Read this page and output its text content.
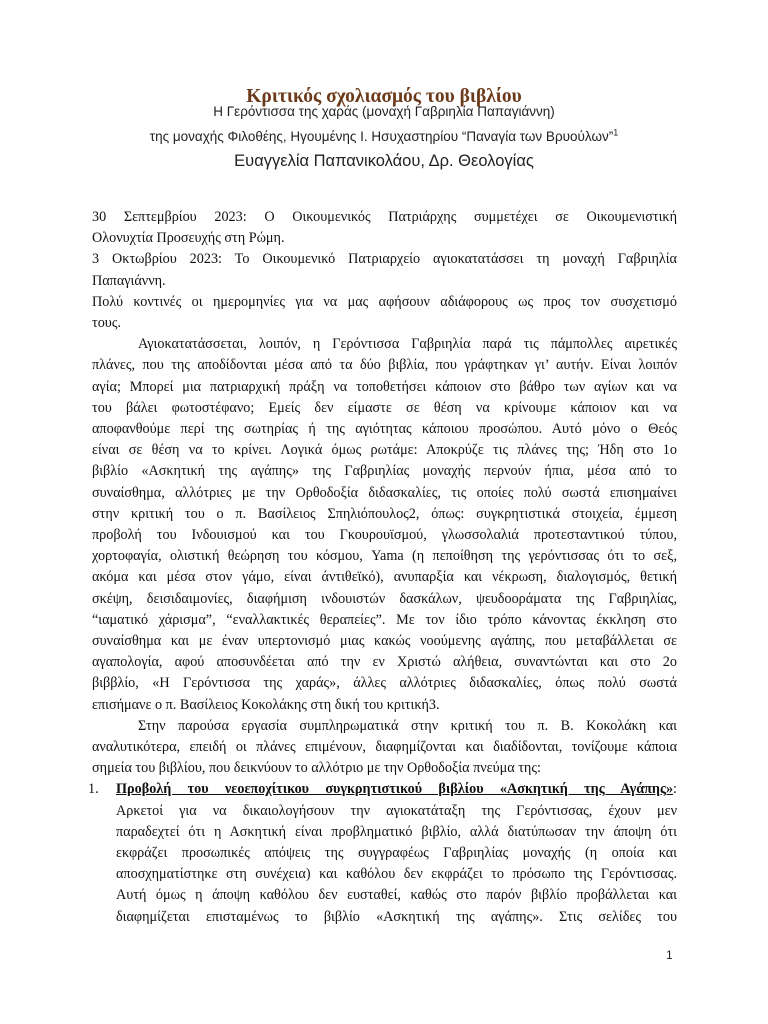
Κριτικός σχολιασμός του βιβλίου
Η Γερόντισσα της χαράς (μοναχή Γαβριηλία Παπαγιάννη)
της μοναχής Φιλοθέης, Ηγουμένης Ι. Ησυχαστηρίου “Παναγία των Βρυούλων”$^1$
Ευαγγελία Παπανικολάου, Δρ. Θεολογίας
30 Σεπτεμβρίου 2023: Ο Οικουμενικός Πατριάρχης συμμετέχει σε Οικουμενιστική
Ολονυχτία Προσευχής στη Ρώμη.
3 Οκτωβρίου 2023: Το Οικουμενικό Πατριαρχείο αγιοκατατάσσει τη μοναχή Γαβριηλία
Παπαγιάννη.
Πολύ κοντινές οι ημερομηνίες για να μας αφήσουν αδιάφορους ως προς τον συσχετισμό
τους.
Αγιοκατατάσσεται, λοιπόν, η Γερόντισσα Γαβριηλία παρά τις πάμπολλες αιρετικές
πλάνες, που της αποδίδονται μέσα από τα δύο βιβλία, που γράφτηκαν γι’ αυτήν. Είναι λοιπόν
αγία; Μπορεί μια πατριαρχική πράξη να τοποθετήσει κάποιον στο βάθρο των αγίων και να
του βάλει φωτοστέφανο; Εμείς δεν είμαστε σε θέση να κρίνουμε κάποιον και να
αποφανθούμε περί της σωτηρίας ή της αγιότητας κάποιου προσώπου. Αυτό μόνο ο Θεός
είναι σε θέση να το κρίνει. Λογικά όμως ρωτάμε: Αποκρύζε τις πλάνες της; Ήδη στο 1ο
βιβλίο «Ασκητική της αγάπης» της Γαβριηλίας μοναχής περνούν ήπια, μέσα από το
συναίσθημα, αλλότριες με την Ορθοδοξία διδασκαλίες, τις οποίες πολύ σωστά επισημαίνει
στην κριτική του ο π. Βασίλειος Σπηλιόπουλος2, όπως: συγκρητιστικά στοιχεία, έμμεση
προβολή του Ινδουισμού και του Γκουρουϊσμού, γλωσσολαλιά προτεσταντικού τύπου,
χορτοφαγία, ολιστική θεώρηση του κόσμου, Yama (η πεποίθηση της γερόντισσας ότι το σεξ,
ακόμα και μέσα στον γάμο, είναι άντιθεϊκό), ανυπαρξία και νέκρωση, διαλογισμός, θετική
σκέψη, δεισιδαιμονίες, διαφήμιση ινδουιστών δασκάλων, ψευδοοράματα της Γαβριηλίας,
“ιαματικό χάρισμα”, “εναλλακτικές θεραπείες”. Με τον ίδιο τρόπο κάνοντας έκκληση στο
συναίσθημα και με έναν υπερτονισμό μιας κακώς νοούμενης αγάπης, που μεταβάλλεται σε
αγαπολογία, αφού αποσυνδέεται από την εν Χριστώ αλήθεια, συναντώνται και στο 2ο
βιββλίο, «Η Γερόντισσα της χαράς», άλλες αλλότριες διδασκαλίες, όπως πολύ σωστά
επισήμανε ο π. Βασίλειος Κοκολάκης στη δική του κριτική3.
Στην παρούσα εργασία συμπληρωματικά στην κριτική του π. Β. Κοκολάκη και
αναλυτικότερα, επειδή οι πλάνες επιμένουν, διαφημίζονται και διαδίδονται, τονίζουμε κάποια
σημεία του βιβλίου, που δεικνύουν το αλλότριο με την Ορθοδοξία πνεύμα της:
1.	Προβολή του νεοεποχίτικου συγκρητιστικού βιβλίου «Ασκητική της Αγάπης»:
Αρκετοί για να δικαιολογήσουν την αγιοκατάταξη της Γερόντισσας, έχουν μεν
παραδεχτεί ότι η Ασκητική είναι προβληματικό βιβλίο, αλλά διατύπωσαν την άποψη ότι
εκφράζει προσωπικές απόψεις της συγγραφέως Γαβριηλίας μοναχής (η οποία και
αποσχηματίστηκε στη συνέχεια) και καθόλου δεν εκφράζει το πρόσωπο της Γερόντισσας.
Αυτή όμως η άποψη καθόλου δεν ευσταθεί, καθώς στο παρόν βιβλίο προβάλλεται και
διαφημίζεται επισταμένως το βιβλίο «Ασκητική της αγάπης». Στις σελίδες του
1
